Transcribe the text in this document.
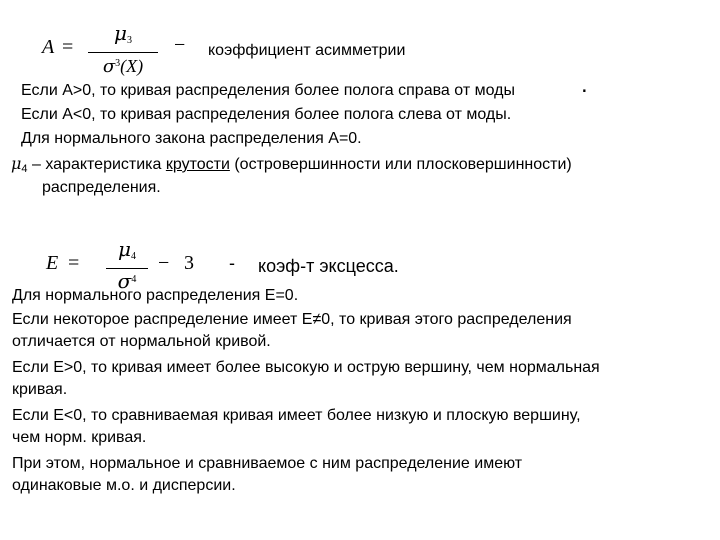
A =
$\mu_3$
$\sigma^3(X)$
− коэффициент асимметрии
Если A>0, то кривая распределения более полога справа от моды	.
Если A<0, то кривая распределения более полога слева от моды.
Для нормального закона распределения A=0.
$\mu_4$ – характеристика крутости (островершинности или плосковершинности)
распределения.
E =
$\mu_4$
$\sigma^4$
− 3 - коэф-т эксцесса.
Для нормального распределения E=0.
Если некоторое распределение имеет E≠0, то кривая этого распределения
отличается от нормальной кривой.
Если E>0, то кривая имеет более высокую и острую вершину, чем нормальная
кривая.
Если E<0, то сравниваемая кривая имеет более низкую и плоскую вершину,
чем норм. кривая.
При этом, нормальное и сравниваемое с ним распределение имеют
одинаковые м.о. и дисперсии.
